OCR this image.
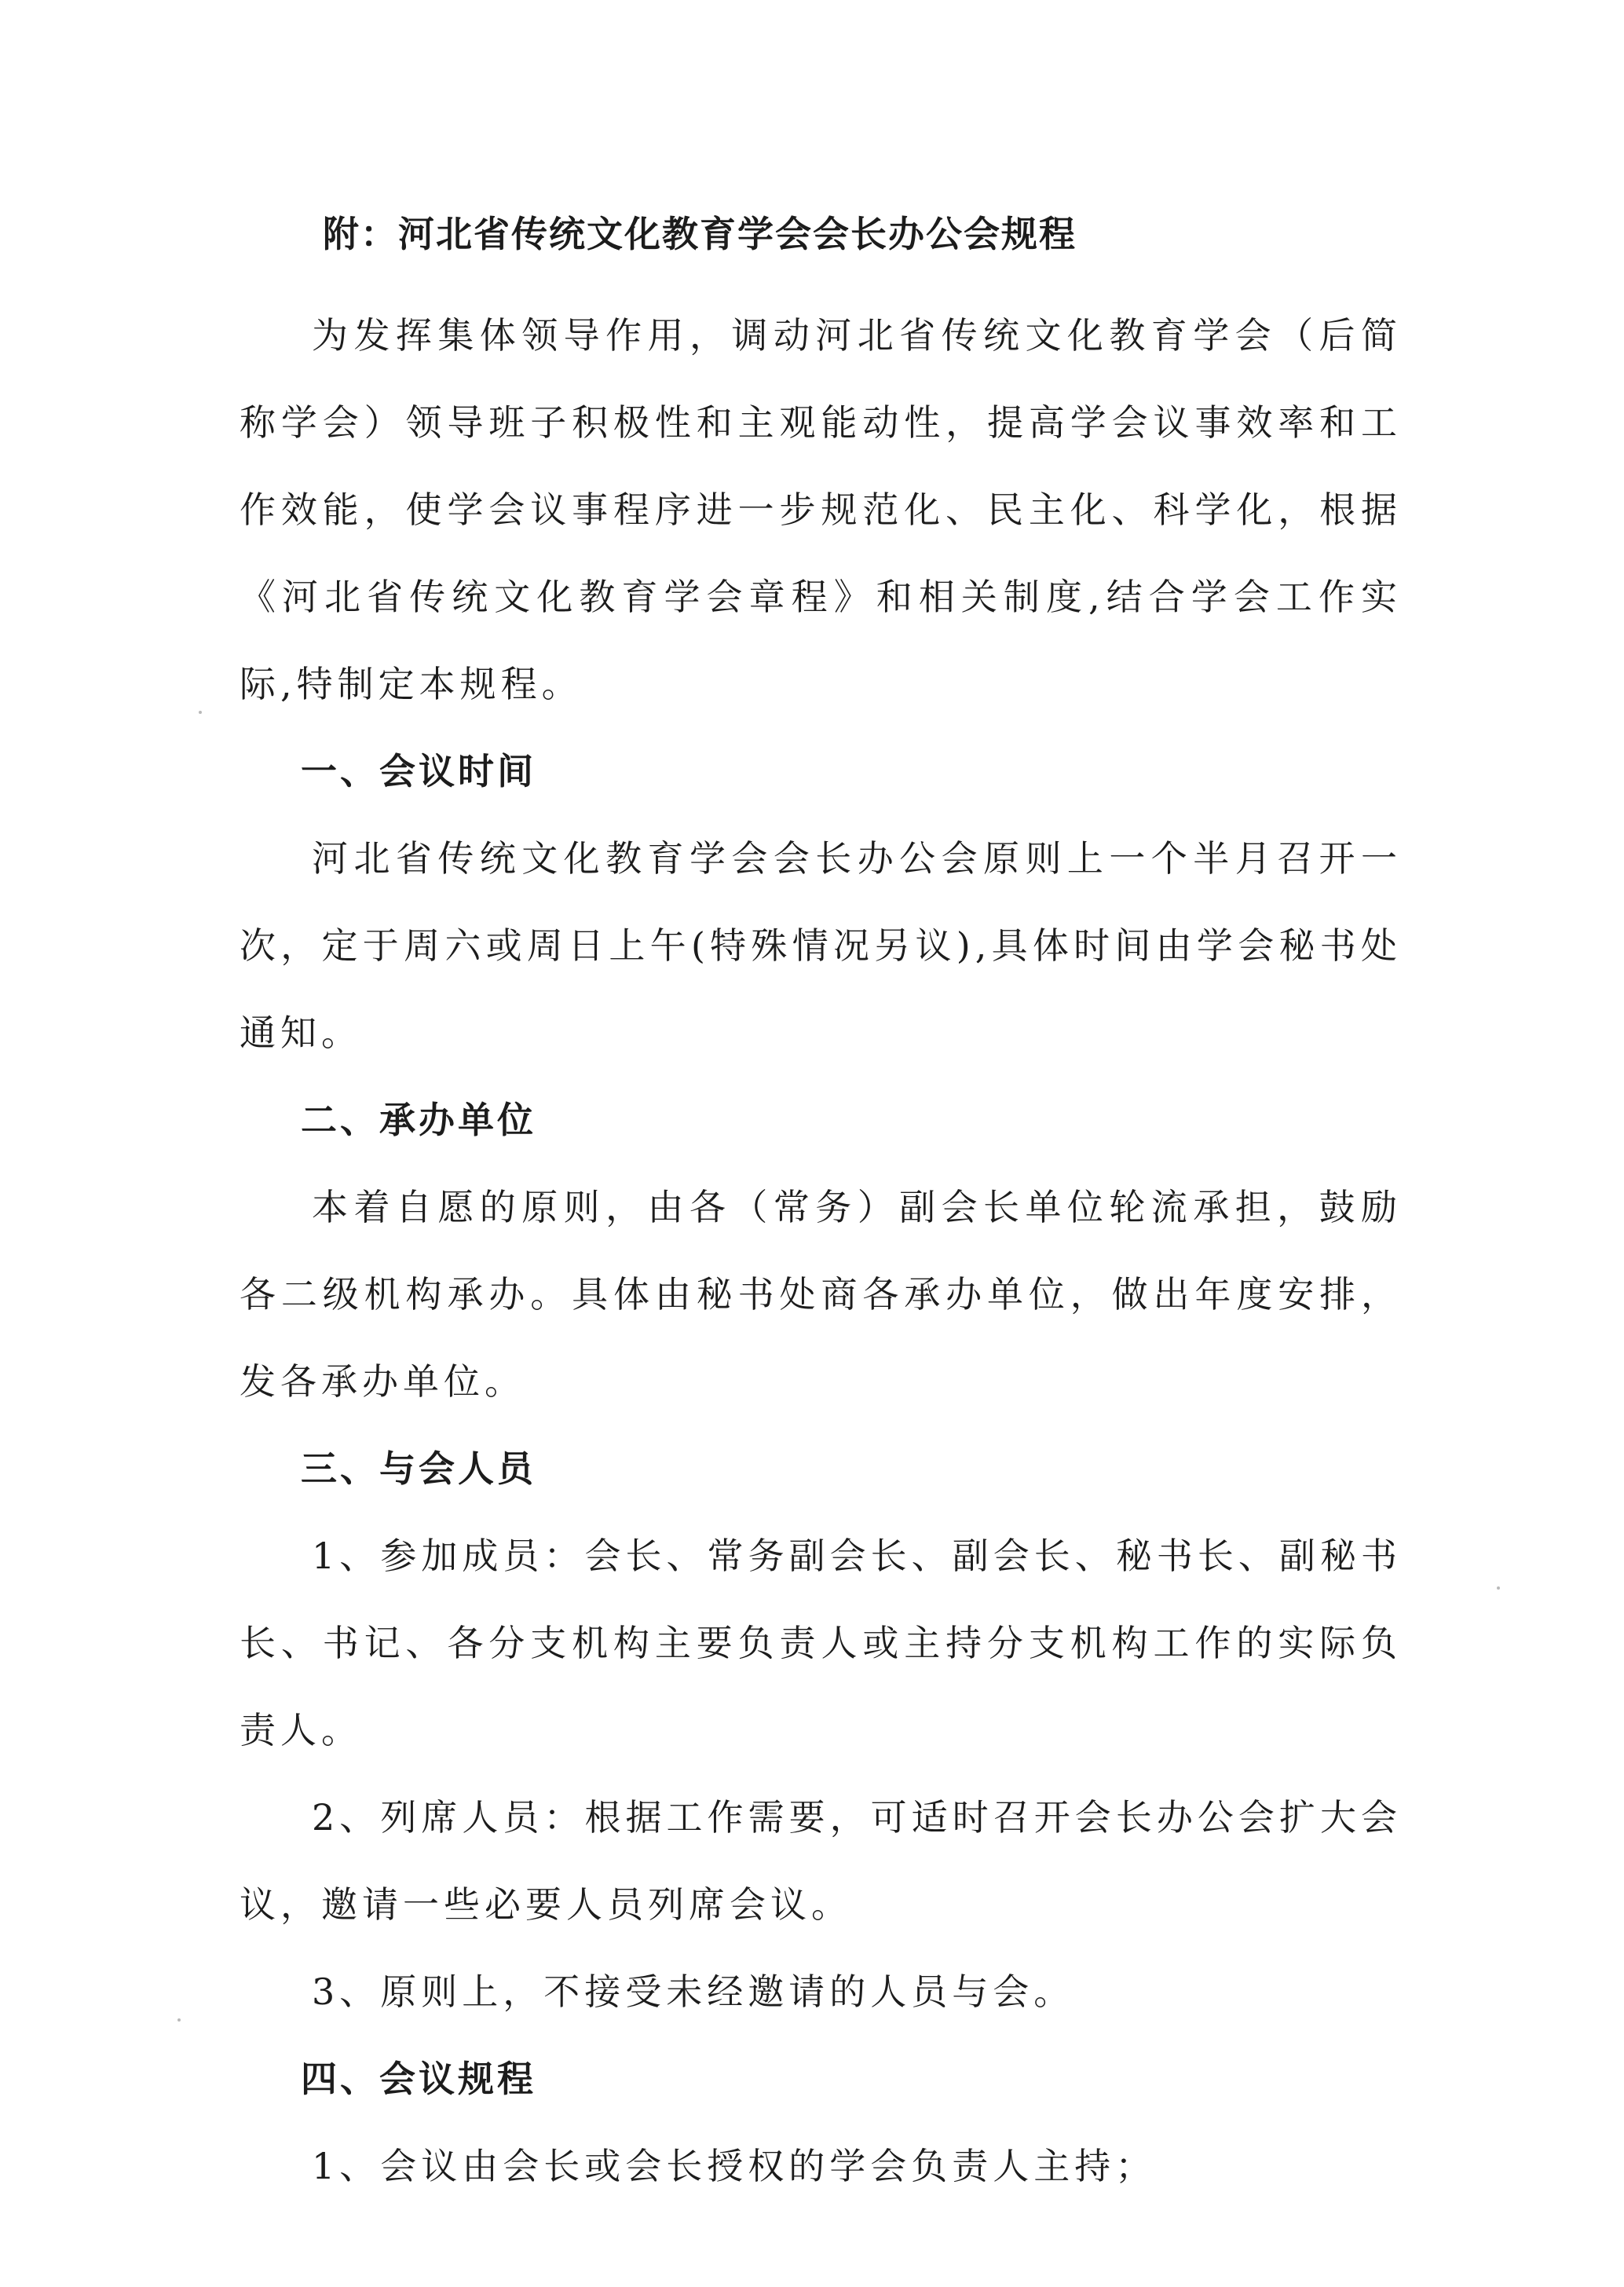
附：河北省传统文化教育学会会长办公会规程

为发挥集体领导作用，调动河北省传统文化教育学会（后简称学会）领导班子积极性和主观能动性，提高学会议事效率和工作效能，使学会议事程序进一步规范化、民主化、科学化，根据《河北省传统文化教育学会章程》和相关制度,结合学会工作实际,特制定本规程。

一、会议时间

河北省传统文化教育学会会长办公会原则上一个半月召开一次，定于周六或周日上午(特殊情况另议),具体时间由学会秘书处通知。

二、承办单位

本着自愿的原则，由各（常务）副会长单位轮流承担，鼓励各二级机构承办。具体由秘书处商各承办单位，做出年度安排，发各承办单位。

三、与会人员

1、参加成员：会长、常务副会长、副会长、秘书长、副秘书长、书记、各分支机构主要负责人或主持分支机构工作的实际负责人。

2、列席人员：根据工作需要，可适时召开会长办公会扩大会议，邀请一些必要人员列席会议。

3、原则上，不接受未经邀请的人员与会。

四、会议规程

1、会议由会长或会长授权的学会负责人主持；
